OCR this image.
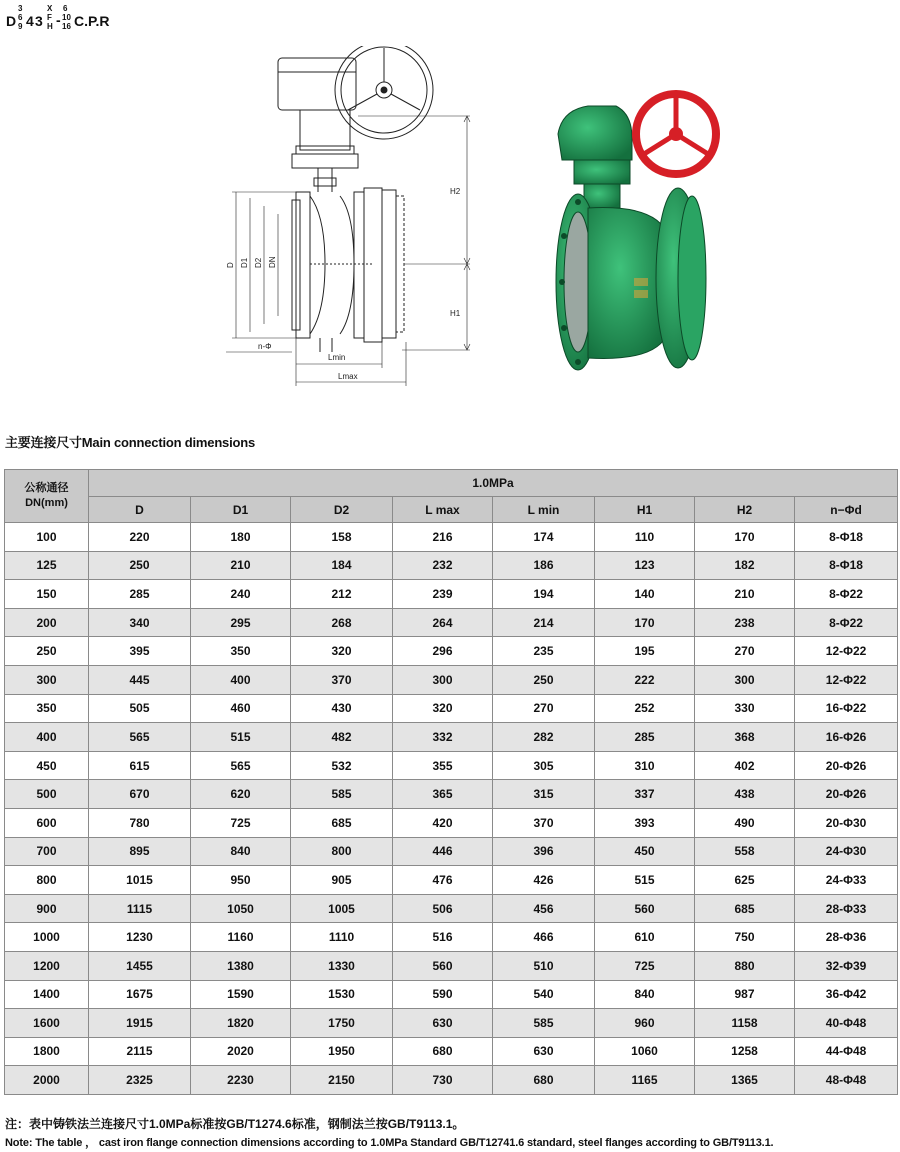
D
3
6
9 4 3
X
F
H -
6
10
16 C.P.R
D D1 D2 DN
n-Φ
Lmin
Lmax
H2
H1
主要连接尺寸Main connection dimensions
公称通径
DN(mm)	1.0MPa							
	D	D1	D2	L max	L min	H1	H2	n−Φd
100	220	180	158	216	174	110	170	8-Φ18
125	250	210	184	232	186	123	182	8-Φ18
150	285	240	212	239	194	140	210	8-Φ22
200	340	295	268	264	214	170	238	8-Φ22
250	395	350	320	296	235	195	270	12-Φ22
300	445	400	370	300	250	222	300	12-Φ22
350	505	460	430	320	270	252	330	16-Φ22
400	565	515	482	332	282	285	368	16-Φ26
450	615	565	532	355	305	310	402	20-Φ26
500	670	620	585	365	315	337	438	20-Φ26
600	780	725	685	420	370	393	490	20-Φ30
700	895	840	800	446	396	450	558	24-Φ30
800	1015	950	905	476	426	515	625	24-Φ33
900	1115	1050	1005	506	456	560	685	28-Φ33
1000	1230	1160	1110	516	466	610	750	28-Φ36
1200	1455	1380	1330	560	510	725	880	32-Φ39
1400	1675	1590	1530	590	540	840	987	36-Φ42
1600	1915	1820	1750	630	585	960	1158	40-Φ48
1800	2115	2020	1950	680	630	1060	1258	44-Φ48
2000	2325	2230	2150	730	680	1165	1365	48-Φ48
注：表中铸铁法兰连接尺寸1.0MPa标准按GB/T1274.6标准，钢制法兰按GB/T9113.1。
Note: The table ， cast iron flange connection dimensions according to 1.0MPa Standard GB/T12741.6 standard, steel flanges according to GB/T9113.1.
